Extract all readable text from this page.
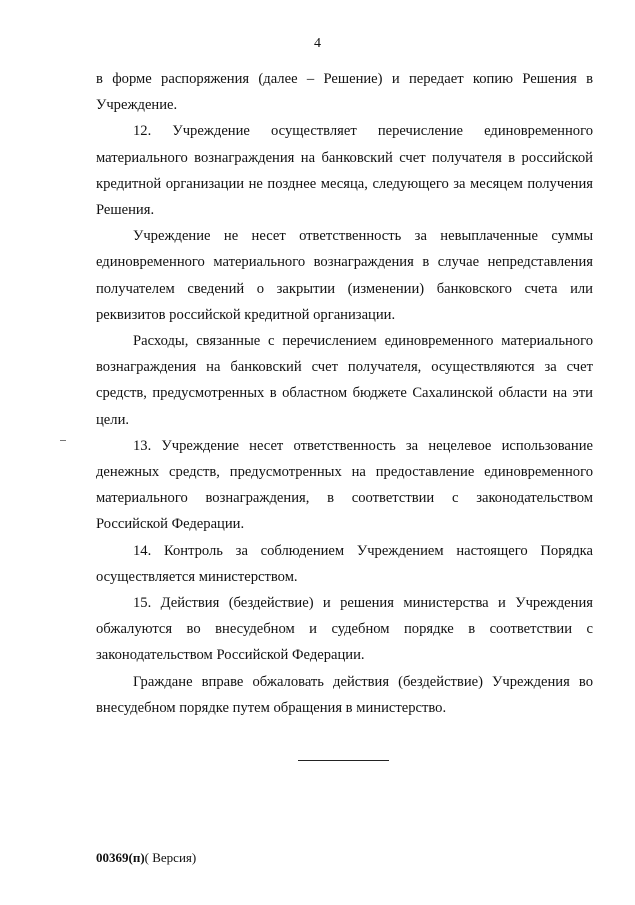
4

в форме распоряжения (далее – Решение) и передает копию Решения в Учреждение.

12. Учреждение осуществляет перечисление единовременного материального вознаграждения на банковский счет получателя в российской кредитной организации не позднее месяца, следующего за месяцем получения Решения.

Учреждение не несет ответственность за невыплаченные суммы единовременного материального вознаграждения в случае непредставления получателем сведений о закрытии (изменении) банковского счета или реквизитов российской кредитной организации.

Расходы, связанные с перечислением единовременного материального вознаграждения на банковский счет получателя, осуществляются за счет средств, предусмотренных в областном бюджете Сахалинской области на эти цели.

13. Учреждение несет ответственность за нецелевое использование денежных средств, предусмотренных на предоставление единовременного материального вознаграждения, в соответствии с законодательством Российской Федерации.

14. Контроль за соблюдением Учреждением настоящего Порядка осуществляется министерством.

15. Действия (бездействие) и решения министерства и Учреждения обжалуются во внесудебном и судебном порядке в соответствии с законодательством Российской Федерации.

Граждане вправе обжаловать действия (бездействие) Учреждения во внесудебном порядке путем обращения в министерство.

00369(п)( Версия)
